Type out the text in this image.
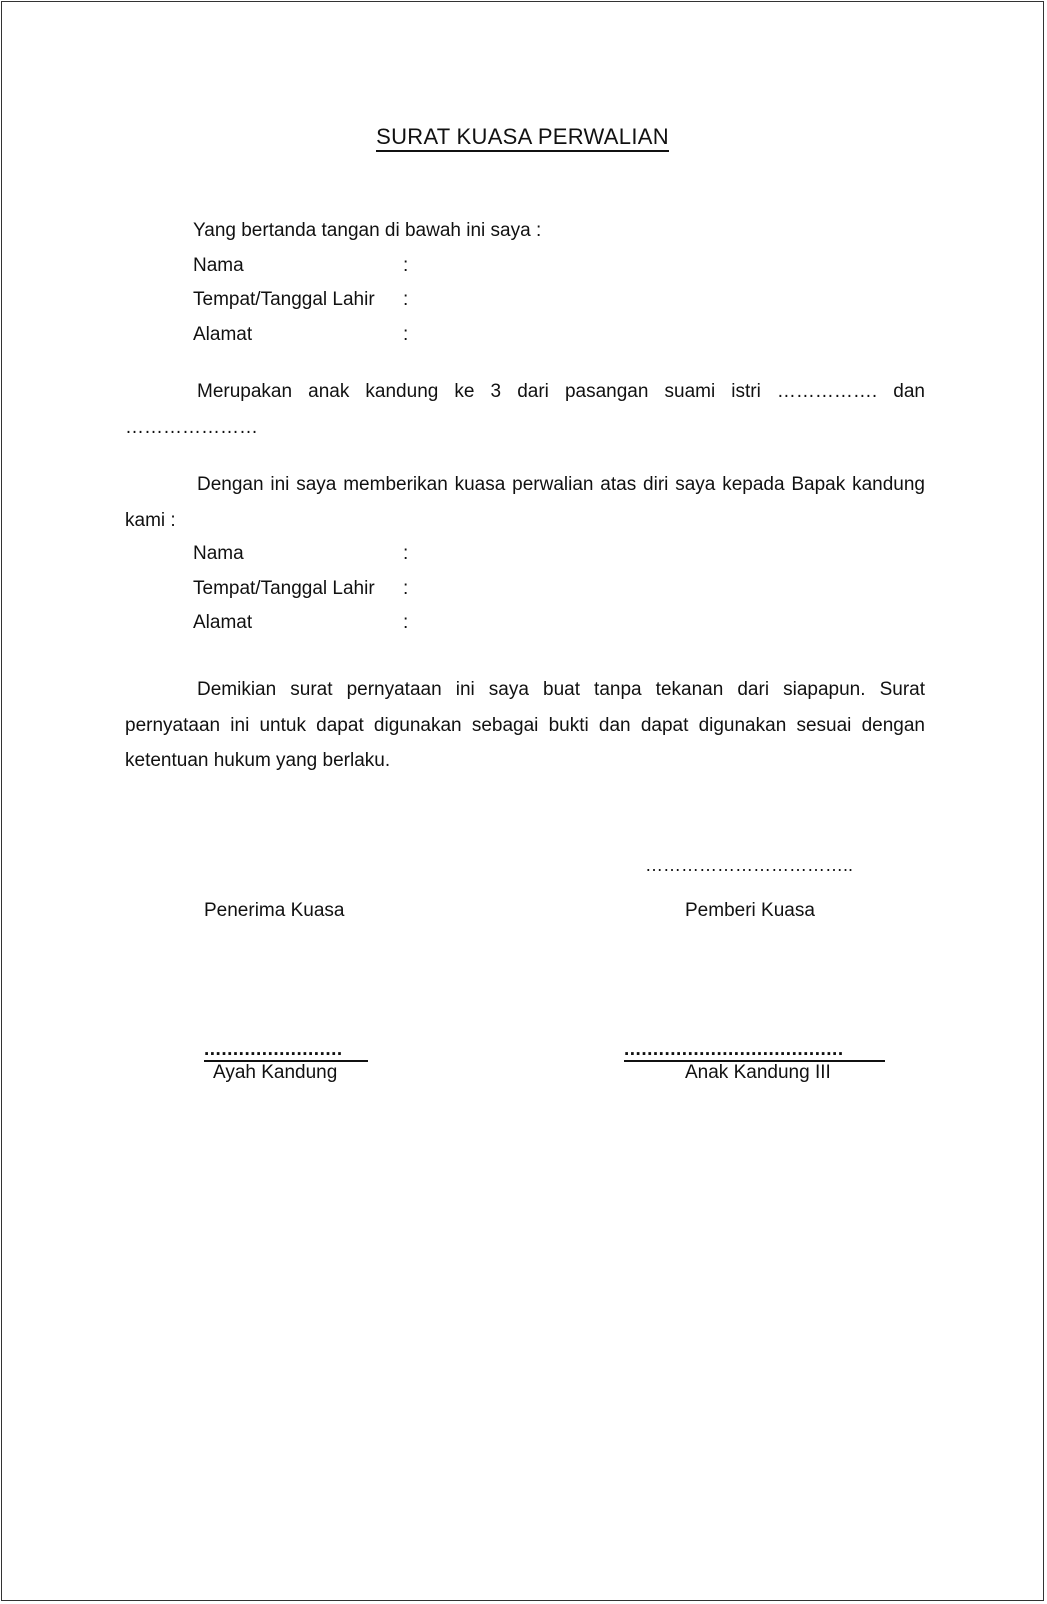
SURAT KUASA PERWALIAN
Yang bertanda tangan di bawah ini saya :
Nama	:
Tempat/Tanggal Lahir :
Alamat	:
Merupakan anak kandung ke 3 dari pasangan suami istri ……………. dan …………………
Dengan ini saya memberikan kuasa perwalian atas diri saya kepada Bapak kandung kami :
Nama	:
Tempat/Tanggal Lahir :
Alamat	:
Demikian surat pernyataan ini saya buat tanpa tekanan dari siapapun. Surat pernyataan ini untuk dapat digunakan sebagai bukti dan dapat digunakan sesuai dengan ketentuan hukum yang berlaku.
……………………………..
Penerima Kuasa	Pemberi Kuasa
........................	......................................
Ayah Kandung	Anak Kandung III
